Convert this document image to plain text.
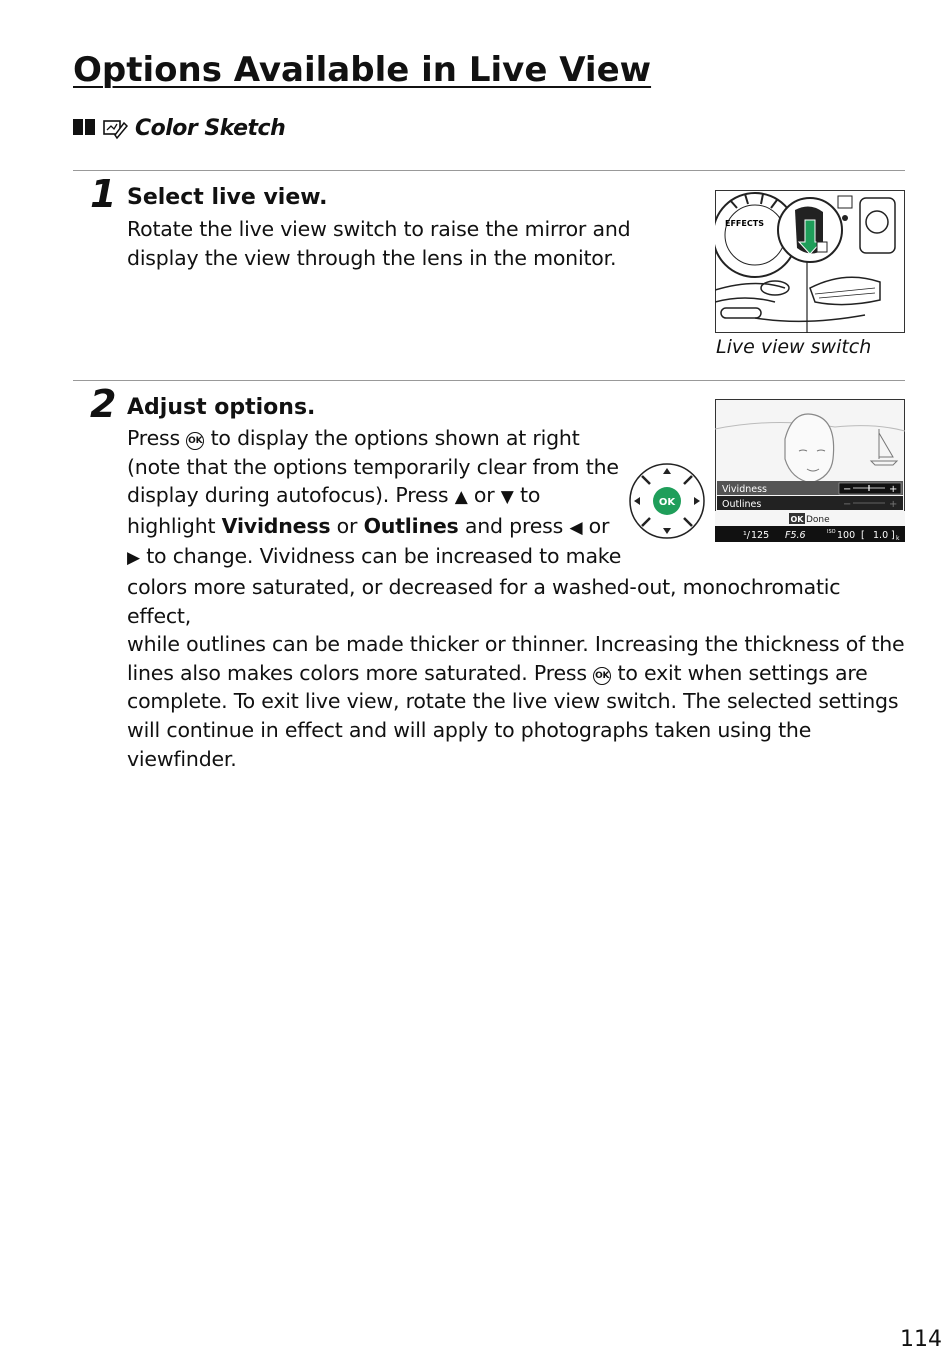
Options Available in Live View
Color Sketch
1 Select live view.

Rotate the live view switch to raise the mirror and display the view through the lens in the monitor.

EFFECTS
Live view switch
2 Adjust options.

Press OK to display the options shown at right
(note that the options temporarily clear from the
display during autofocus). Press ▲ or ▼ to
highlight Vividness or Outlines and press ◀ or
▶ to change. Vividness can be increased to make
colors more saturated, or decreased for a washed-out, monochromatic effect,
while outlines can be made thicker or thinner. Increasing the thickness of the
lines also makes colors more saturated. Press OK to exit when settings are
complete. To exit live view, rotate the live view switch. The selected settings
will continue in effect and will apply to photographs taken using the
viewfinder.

OK
Vividness
Outlines
−	+
−	+
OK Done
¹/ 125 F5.6	ISO 100 [ 1.0 ] k
114
